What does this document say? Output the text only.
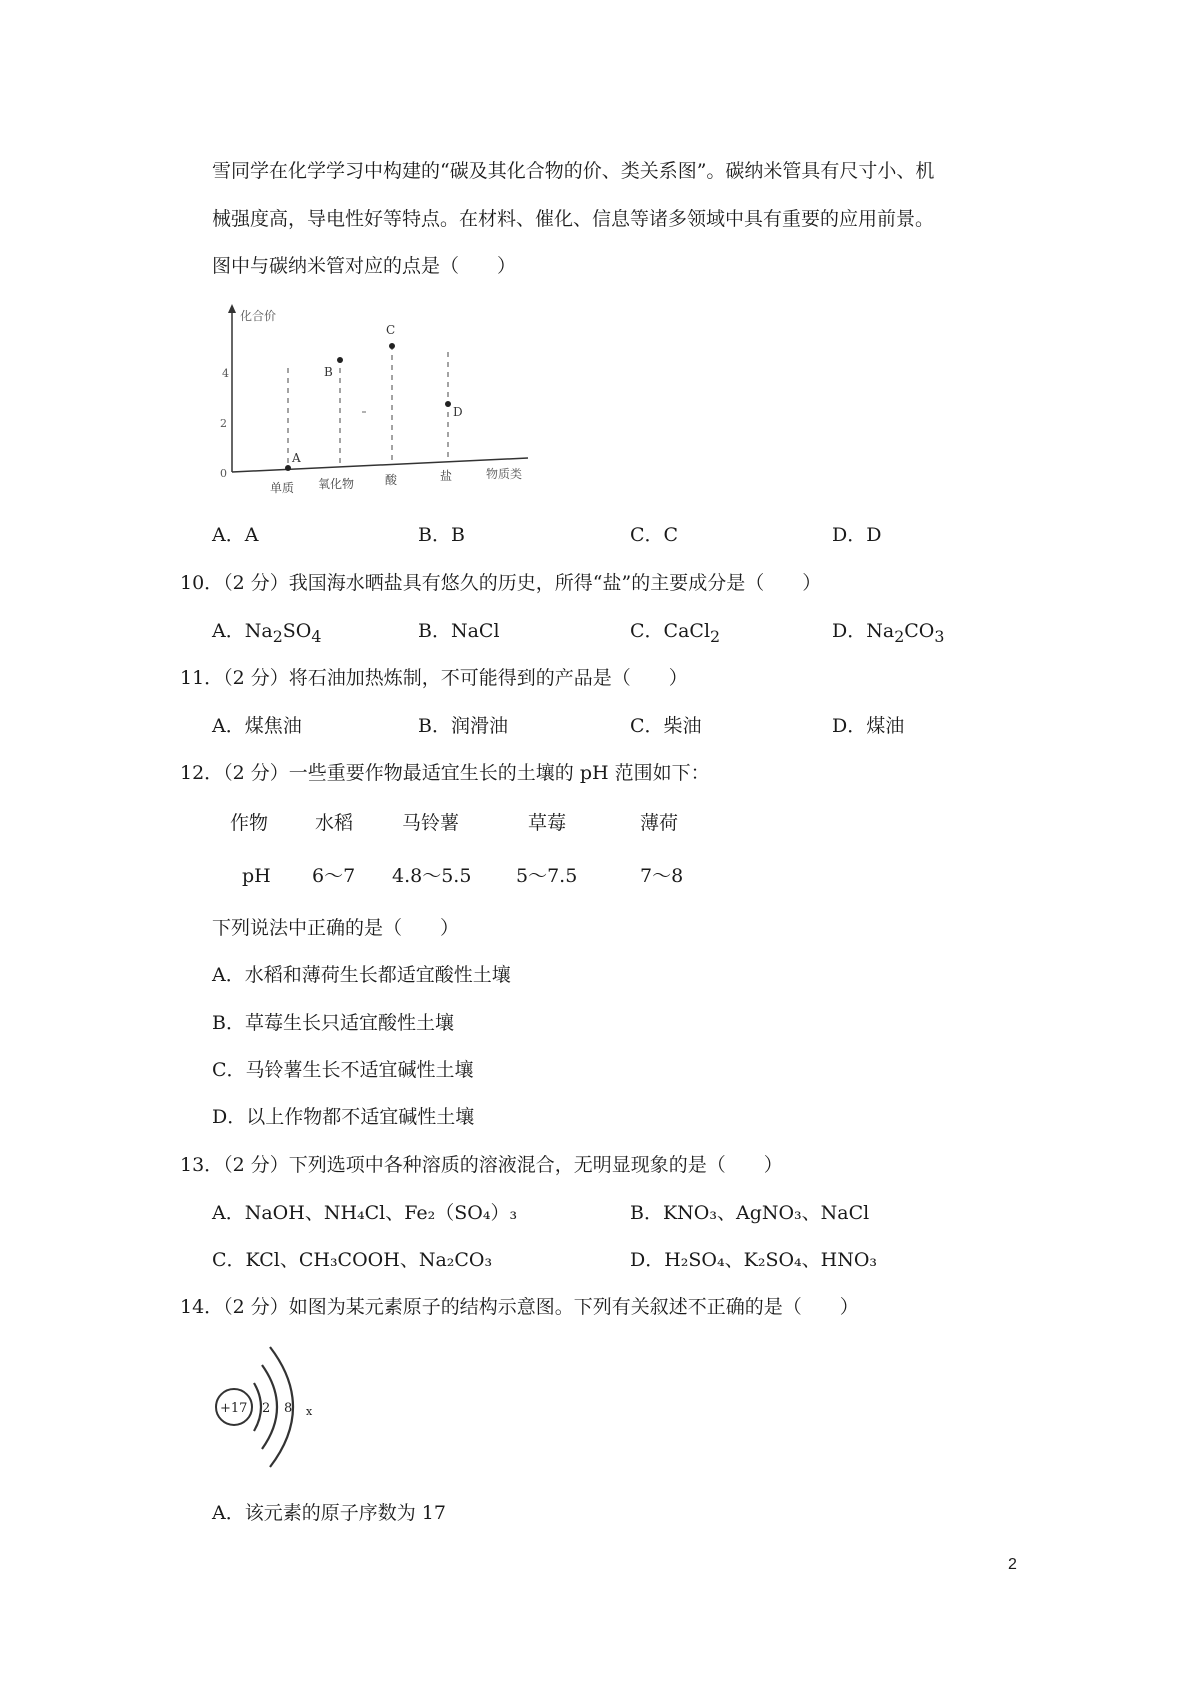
雪同学在化学学习中构建的“碳及其化合物的价、类关系图”。碳纳米管具有尺寸小、机
械强度高，导电性好等特点。在材料、催化、信息等诸多领域中具有重要的应用前景。
图中与碳纳米管对应的点是（　　）
化合价
物质类
4
2
0
A
B
C
D
单质 氧化物	酸	盐
A．A	B．B	C．C	D．D
10．（2 分）我国海水晒盐具有悠久的历史，所得“盐”的主要成分是（　　）
A．$Na_2SO_4$	B．NaCl	C．CaCl$_2$	D．$Na_2CO_3$
11．（2 分）将石油加热炼制，不可能得到的产品是（　　）
A．煤焦油	B．润滑油	C．柴油	D．煤油
12．（2 分）一些重要作物最适宜生长的土壤的 pH 范围如下：
作物 水稻	马铃薯	草莓	薄荷
pH 6～7 4.8～5.5 5～7.5	7～8
下列说法中正确的是（　　）
A．水稻和薄荷生长都适宜酸性土壤
B．草莓生长只适宜酸性土壤
C．马铃薯生长不适宜碱性土壤
D．以上作物都不适宜碱性土壤
13．（2 分）下列选项中各种溶质的溶液混合，无明显现象的是（　　）
A．NaOH、NH₄Cl、Fe₂（SO₄）₃	B．KNO₃、AgNO₃、NaCl
C．KCl、CH₃COOH、Na₂CO₃	D．H₂SO₄、K₂SO₄、HNO₃
14．（2 分）如图为某元素原子的结构示意图。下列有关叙述不正确的是（　　）
+17 2 8 x
A．该元素的原子序数为 17
2
